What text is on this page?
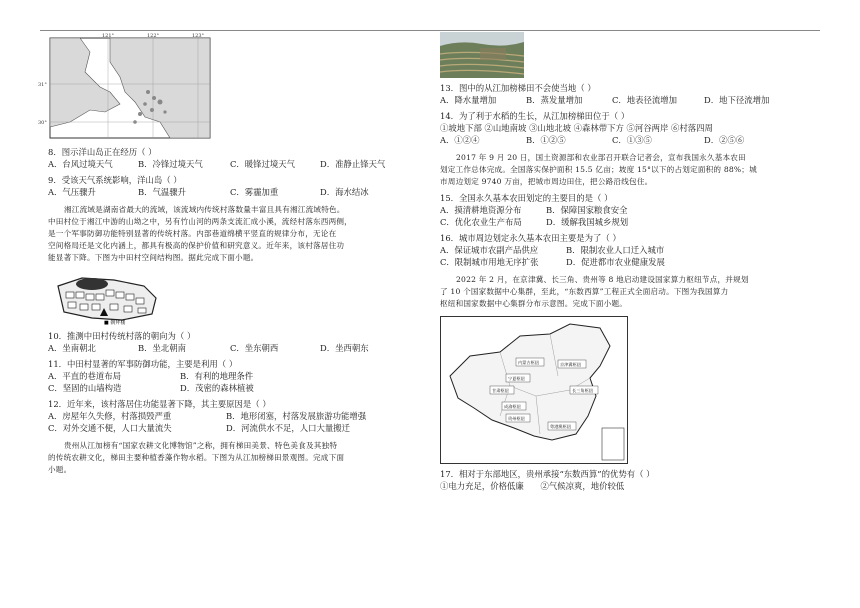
121°	122°	123°
31°
30°
8．图示洋山岛正在经历（ ）
A．台风过境天气	B．冷锋过境天气	C．暖锋过境天气	D．准静止锋天气
9．受该天气系统影响，洋山岛（ ）
A．气压骤升	B．气温骤升	C．雾霾加重	D．海水结冰
湘江流域是湖南省最大的流域，该流域内传统村落数量丰富且具有湘江流域特色。
中田村位于湘江中游的山坳之中，另有竹山河的两条支流汇成小溪，流经村落东西两侧，
是一个军事防御功能特别显著的传统村落。内部巷道绵横平竖直的规律分布，无论在
空间格局还是文化内涵上，都具有极高的保护价值和研究意义。近年来，该村落居住功
能显著下降。下图为中田村空间结构图。据此完成下面小题。
■ 朝拜楼
10．推测中田村传统村落的朝向为（ ）
A．坐南朝北	B．坐北朝南	C．坐东朝西	D．坐西朝东
11．中田村显著的军事防御功能，主要是利用（ ）
A．平直的巷道布局	B．有利的地理条件
C．坚固的山墙构造	D．茂密的森林植被
12．近年来，该村落居住功能显著下降，其主要原因是（ ）
A．房屋年久失修，村落损毁严重	B．地形闭塞，村落发展旅游功能增强
C．对外交通不便，人口大量流失	D．河流供水不足，人口大量搬迁
贵州从江加榜有“国家农耕文化博物馆”之称，拥有梯田美景、特色美食及其独特
的传统农耕文化，梯田主要种植香藻作物水稻。下图为从江加榜梯田景观图。完成下面
小题。
13．图中的从江加榜梯田不会使当地（ ）
A．降水量增加	B．蒸发量增加	C．地表径流增加	D．地下径流增加
14．为了利于水稻的生长，从江加榜梯田位于（ ）
①坡地下部 ②山地南坡 ③山地北坡 ④森林带下方 ⑤河谷两岸 ⑥村落四周
A．①②④	B．①②⑤	C．①③⑤	D．②⑤⑥
2017 年 9 月 20 日，国土资源部和农业部召开联合记者会，宣布我国永久基本农田
划定工作总体完成。全国落实保护面积 15.5 亿亩；坡度 15°以下的占划定面积的 88%；城
市周边划定 9740 万亩，把城市周边田住，把公路沿线包住。
15．全国永久基本农田划定的主要目的是（ ）
A．摸清耕地资源分布	B．保障国家粮食安全
C．优化农业生产布局	D．缓解我国城乡规划
16．城市周边划定永久基本农田主要是为了（ ）
A．保证城市农副产品供应	B．限制农业人口迁入城市
C．限制城市用地无序扩张	D．促进都市农业健康发展
2022 年 2 月，在京津冀、长三角、贵州等 8 地启动建设国家算力枢纽节点，并规划
了 10 个国家数据中心集群，至此，“东数西算”工程正式全面启动。下图为我国算力
枢纽和国家数据中心集群分布示意图。完成下面小题。
内蒙古枢纽
宁夏枢纽
甘肃枢纽
成渝枢纽
贵州枢纽
京津冀枢纽
长三角枢纽
粤港澳枢纽
17．相对于东部地区，贵州承接“东数西算”的优势有（ ）
①电力充足，价格低廉　　②气候凉爽，地价较低
